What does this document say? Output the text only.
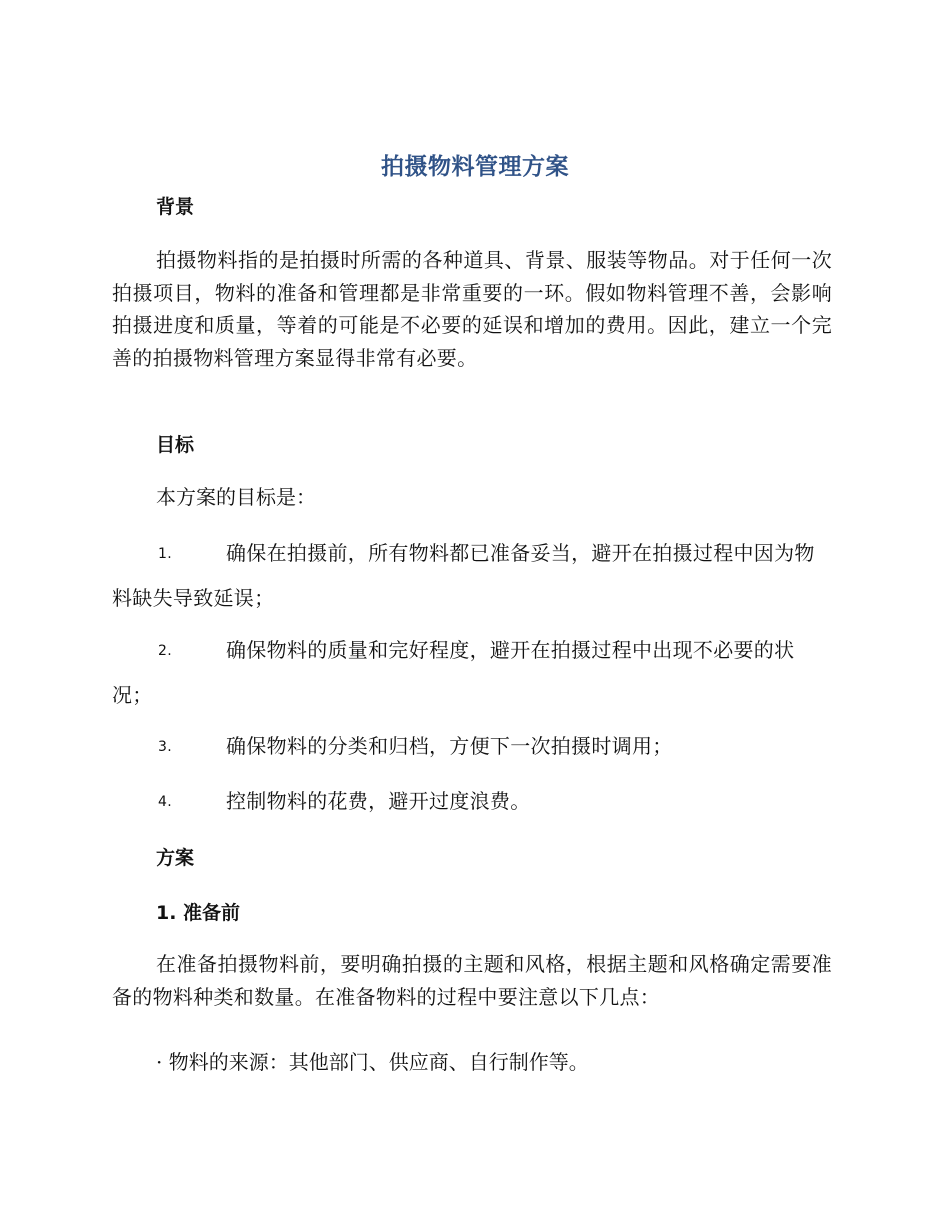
拍摄物料管理方案
背景
拍摄物料指的是拍摄时所需的各种道具、背景、服装等物品。对于任何一次拍摄项目，物料的准备和管理都是非常重要的一环。假如物料管理不善，会影响拍摄进度和质量，等着的可能是不必要的延误和增加的费用。因此，建立一个完善的拍摄物料管理方案显得非常有必要。
目标
本方案的目标是：
1.	确保在拍摄前，所有物料都已准备妥当，避开在拍摄过程中因为物料缺失导致延误；
2.	确保物料的质量和完好程度，避开在拍摄过程中出现不必要的状况；
3.	确保物料的分类和归档，方便下一次拍摄时调用；
4.	控制物料的花费，避开过度浪费。
方案
1. 准备前
在准备拍摄物料前，要明确拍摄的主题和风格，根据主题和风格确定需要准备的物料种类和数量。在准备物料的过程中要注意以下几点：
· 物料的来源：其他部门、供应商、自行制作等。
